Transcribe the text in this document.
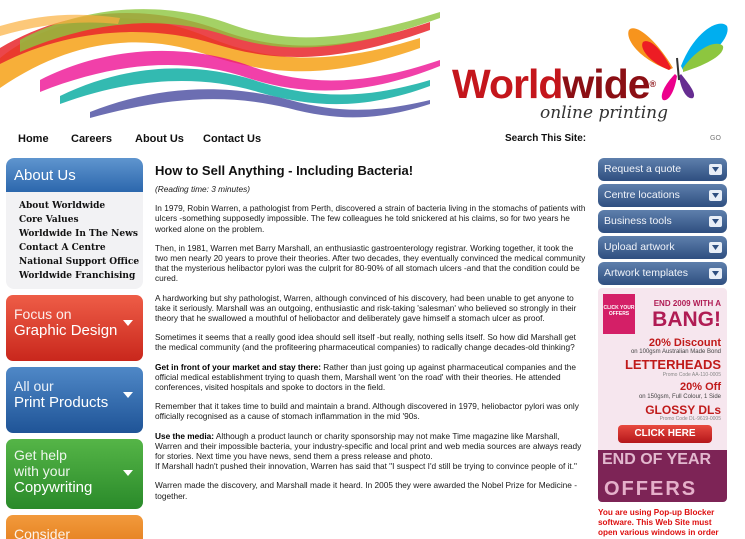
Worldwide®
online printing
Home Careers About Us Contact Us	Search This Site:	GO
About Us
About Worldwide
Core Values
Worldwide In The News
Contact A Centre
National Support Office
Worldwide Franchising
Focus on
Graphic Design
All our
Print Products
Get help
with your
Copywriting
Consider
How to Sell Anything - Including Bacteria!
(Reading time: 3 minutes)

In 1979, Robin Warren, a pathologist from Perth, discovered a strain of bacteria living in the stomachs of patients with ulcers -something supposedly impossible. The few colleagues he told snickered at his claims, so for two years he worked alone on the problem.

Then, in 1981, Warren met Barry Marshall, an enthusiastic gastroenterology registrar. Working together, it took the two men nearly 20 years to prove their theories. After two decades, they eventually convinced the medical community that the mysterious helibactor pylori was the culprit for 80-90% of all stomach ulcers -and that the condition could be cured.

A hardworking but shy pathologist, Warren, although convinced of his discovery, had been unable to get anyone to take it seriously. Marshall was an outgoing, enthusiastic and risk-taking 'salesman' who believed so strongly in their theory that he swallowed a mouthful of heliobactor and deliberately gave himself a stomach ulcer as proof.

Sometimes it seems that a really good idea should sell itself -but really, nothing sells itself. So how did Marshall get the medical community (and the profiteering pharmaceutical companies) to radically change decades-old thinking?

Get in front of your market and stay there: Rather than just going up against pharmaceutical companies and the official medical establishment trying to quash them, Marshall went 'on the road' with their theories. He attended conferences, visited hospitals and spoke to doctors in the field.

Remember that it takes time to build and maintain a brand. Although discovered in 1979, heliobactor pylori was only officially recognised as a cause of stomach inflammation in the mid '90s.

Use the media: Although a product launch or charity sponsorship may not make Time magazine like Marshall, Warren and their impossible bacteria, your industry-specific and local print and web media sources are always ready for stories. Next time you have news, send them a press release and photo.
If Marshall hadn't pushed their innovation, Warren has said that "I suspect I'd still be trying to convince people of it."

Warren made the discovery, and Marshall made it heard. In 2005 they were awarded the Nobel Prize for Medicine -together.

Request a quote
Centre locations
Business tools
Upload artwork
Artwork templates
CLICK YOUR OFFERS
END 2009 WITH A
BANG!
20% Discount
on 100gsm Australian Made Bond
LETTERHEADS
Promo Code AA-110-0005
20% Off
on 150gsm, Full Colour, 1 Side
GLOSSY DLs
Promo Code DL-9619-0005
CLICK HERE
END OF YEAR
OFFERS
You are using Pop-up Blocker software. This Web Site must open various windows in order
